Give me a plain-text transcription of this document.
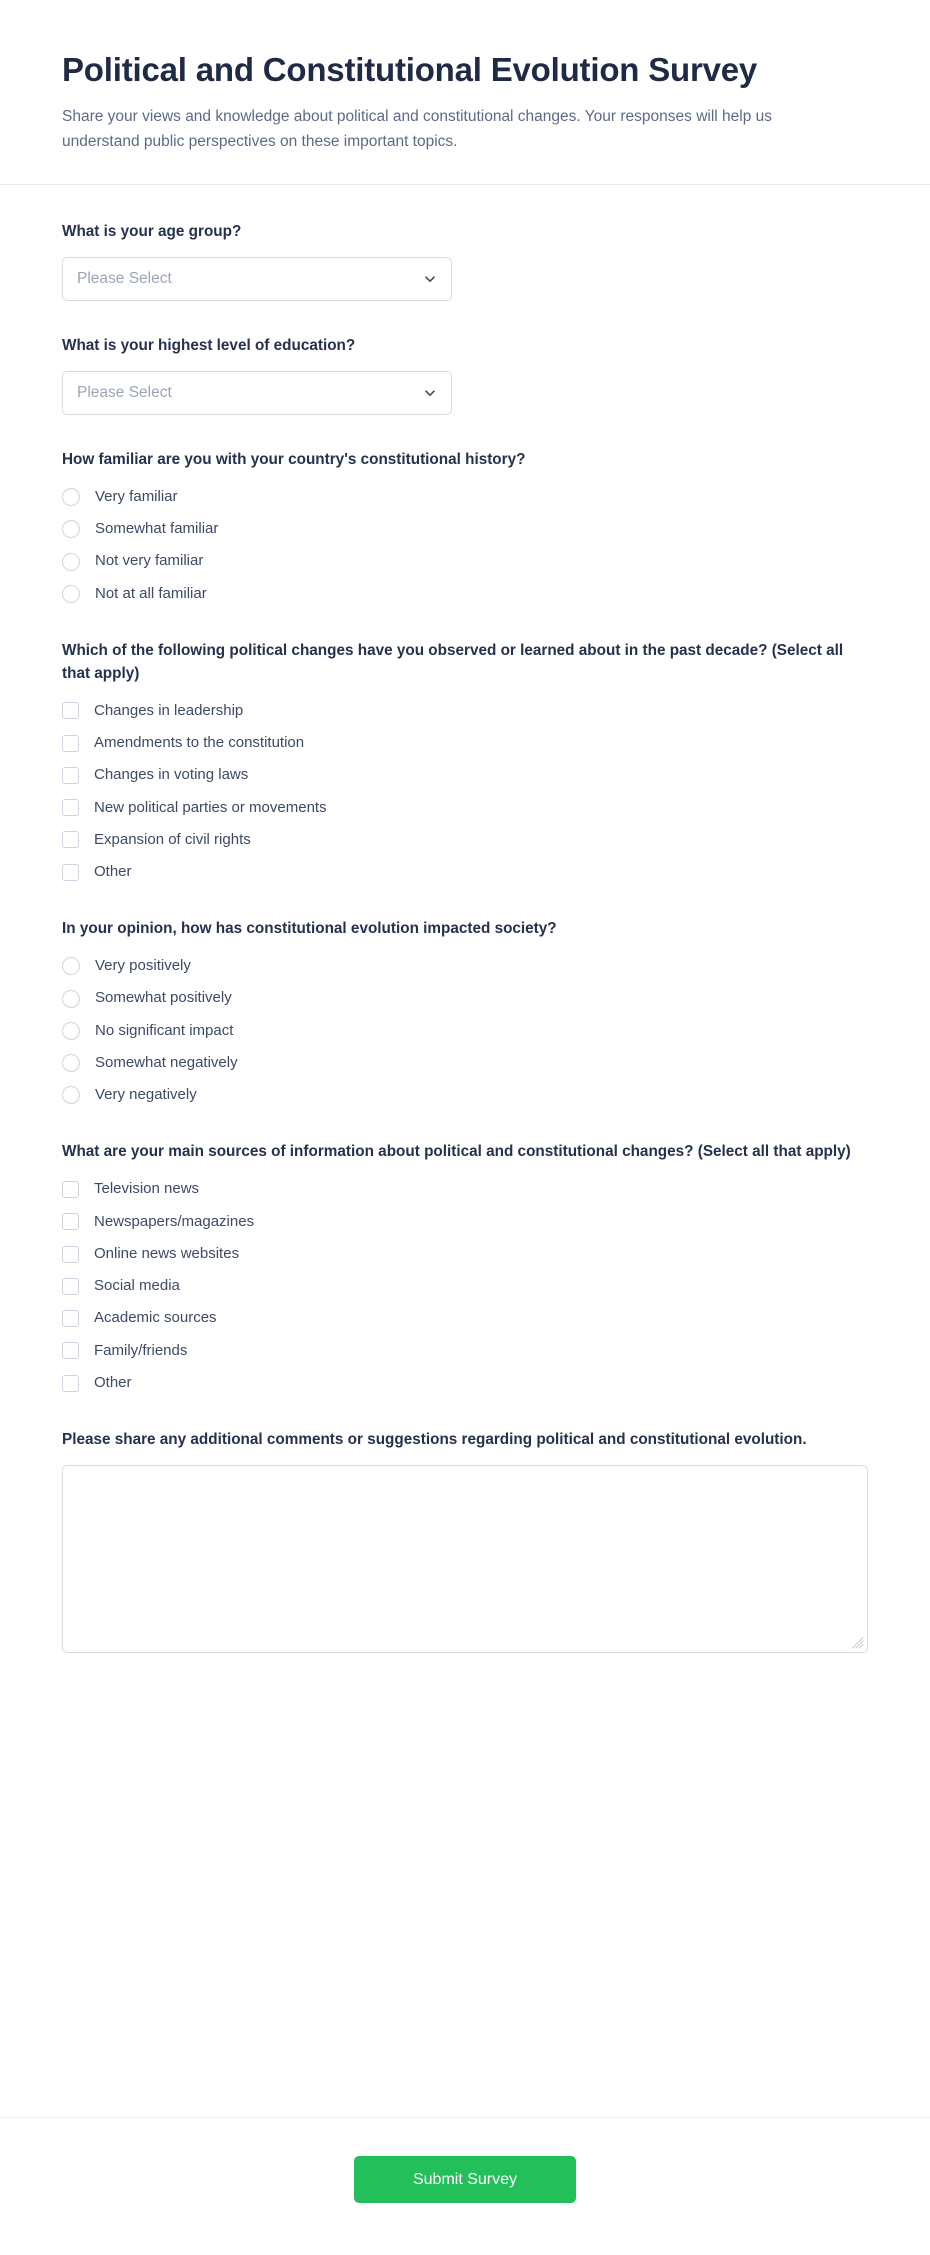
Political and Constitutional Evolution Survey

Share your views and knowledge about political and constitutional changes. Your responses will help us understand public perspectives on these important topics.

What is your age group?
Please Select
What is your highest level of education?
Please Select
How familiar are you with your country's constitutional history?
Very familiar
Somewhat familiar
Not very familiar
Not at all familiar
Which of the following political changes have you observed or learned about in the past decade? (Select all that apply)
Changes in leadership
Amendments to the constitution
Changes in voting laws
New political parties or movements
Expansion of civil rights
Other
In your opinion, how has constitutional evolution impacted society?
Very positively
Somewhat positively
No significant impact
Somewhat negatively
Very negatively
What are your main sources of information about political and constitutional changes? (Select all that apply)
Television news
Newspapers/magazines
Online news websites
Social media
Academic sources
Family/friends
Other
Please share any additional comments or suggestions regarding political and constitutional evolution.
Submit Survey
